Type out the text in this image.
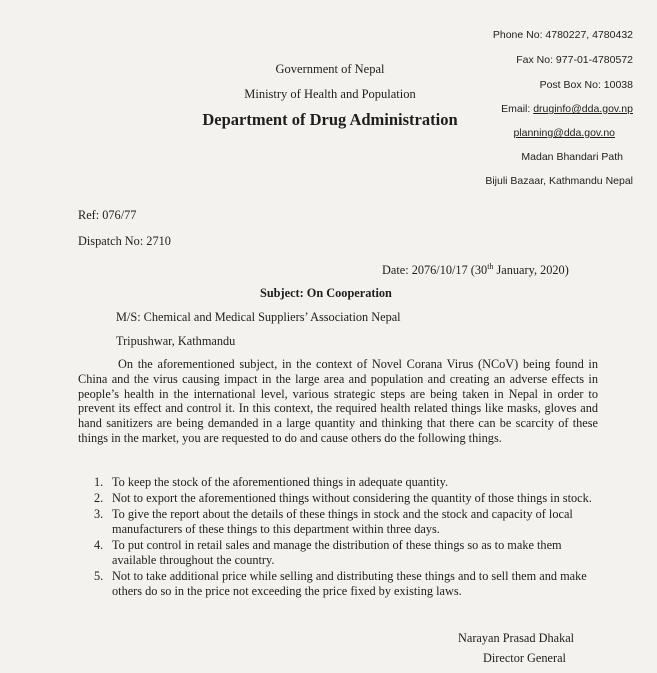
Phone No: 4780227, 4780432
Fax No: 977-01-4780572
Post Box No: 10038
Email: druginfo@dda.gov.np
planning@dda.gov.no
Madan Bhandari Path
Bijuli Bazaar, Kathmandu Nepal
Government of Nepal
Ministry of Health and Population
Department of Drug Administration
Ref: 076/77
Dispatch No: 2710
Date: 2076/10/17 (30th January, 2020)
Subject: On Cooperation
M/S: Chemical and Medical Suppliers’ Association Nepal
Tripushwar, Kathmandu

On the aforementioned subject, in the context of Novel Corana Virus (NCoV) being found in China and the virus causing impact in the large area and population and creating an adverse effects in people’s health in the international level, various strategic steps are being taken in Nepal in order to prevent its effect and control it. In this context, the required health related things like masks, gloves and hand sanitizers are being demanded in a large quantity and thinking that there can be scarcity of these things in the market, you are requested to do and cause others do the following things.

1. To keep the stock of the aforementioned things in adequate quantity.
2. Not to export the aforementioned things without considering the quantity of those things in stock.
3. To give the report about the details of these things in stock and the stock and capacity of local manufacturers of these things to this department within three days.
4. To put control in retail sales and manage the distribution of these things so as to make them available throughout the country.
5. Not to take additional price while selling and distributing these things and to sell them and make others do so in the price not exceeding the price fixed by existing laws.
Narayan Prasad Dhakal
Director General
